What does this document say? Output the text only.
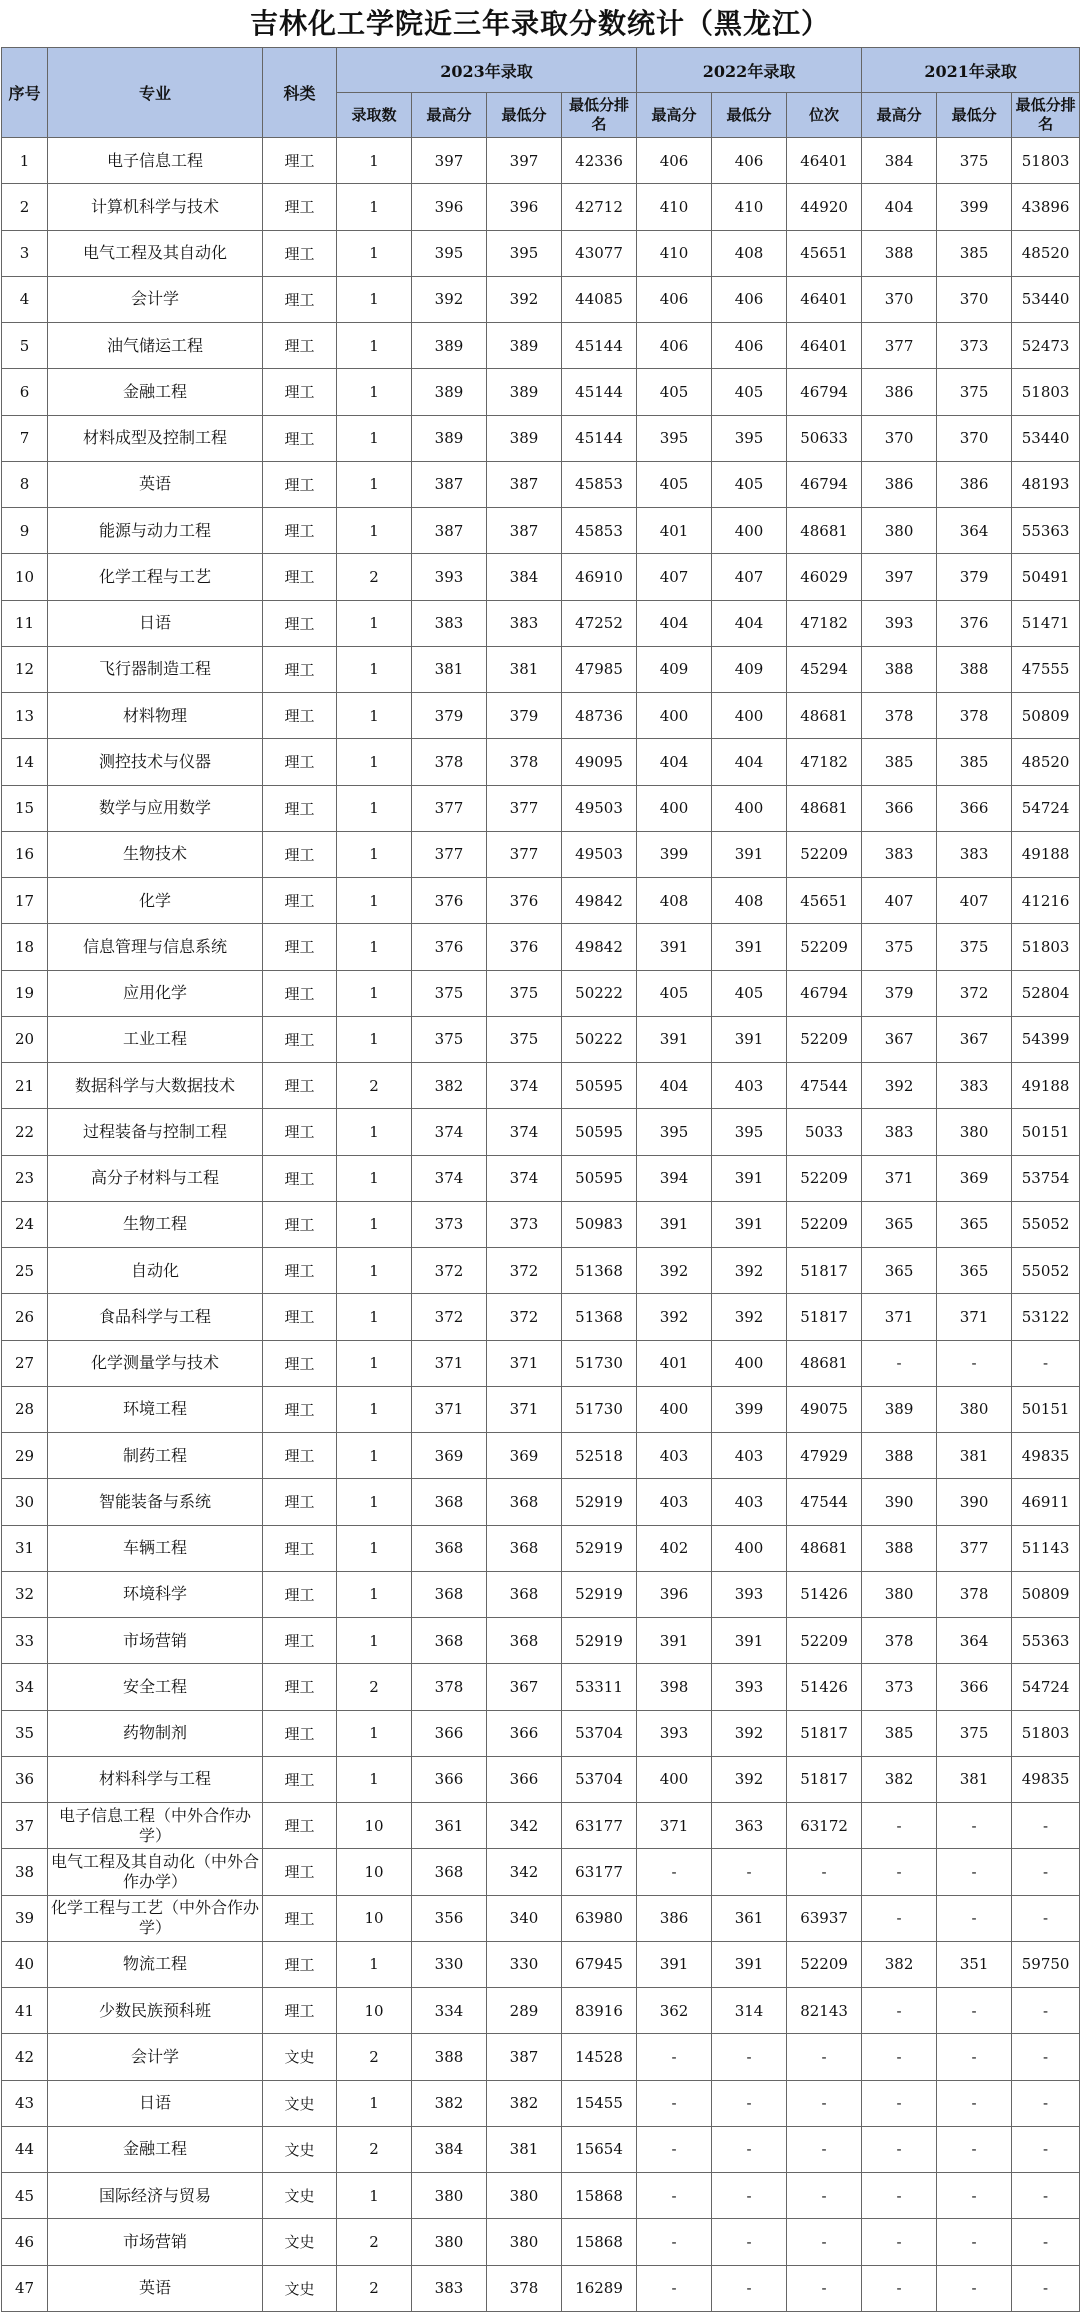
吉林化工学院近三年录取分数统计（黑龙江）
序号	专业	科类	2023年录取				2022年录取			2021年录取		
			录取数	最高分	最低分	最低分排名	最高分	最低分	位次	最高分	最低分	最低分排名
1	电子信息工程	理工	1	397	397	42336	406	406	46401	384	375	51803
2	计算机科学与技术	理工	1	396	396	42712	410	410	44920	404	399	43896
3	电气工程及其自动化	理工	1	395	395	43077	410	408	45651	388	385	48520
4	会计学	理工	1	392	392	44085	406	406	46401	370	370	53440
5	油气储运工程	理工	1	389	389	45144	406	406	46401	377	373	52473
6	金融工程	理工	1	389	389	45144	405	405	46794	386	375	51803
7	材料成型及控制工程	理工	1	389	389	45144	395	395	50633	370	370	53440
8	英语	理工	1	387	387	45853	405	405	46794	386	386	48193
9	能源与动力工程	理工	1	387	387	45853	401	400	48681	380	364	55363
10	化学工程与工艺	理工	2	393	384	46910	407	407	46029	397	379	50491
11	日语	理工	1	383	383	47252	404	404	47182	393	376	51471
12	飞行器制造工程	理工	1	381	381	47985	409	409	45294	388	388	47555
13	材料物理	理工	1	379	379	48736	400	400	48681	378	378	50809
14	测控技术与仪器	理工	1	378	378	49095	404	404	47182	385	385	48520
15	数学与应用数学	理工	1	377	377	49503	400	400	48681	366	366	54724
16	生物技术	理工	1	377	377	49503	399	391	52209	383	383	49188
17	化学	理工	1	376	376	49842	408	408	45651	407	407	41216
18	信息管理与信息系统	理工	1	376	376	49842	391	391	52209	375	375	51803
19	应用化学	理工	1	375	375	50222	405	405	46794	379	372	52804
20	工业工程	理工	1	375	375	50222	391	391	52209	367	367	54399
21	数据科学与大数据技术	理工	2	382	374	50595	404	403	47544	392	383	49188
22	过程装备与控制工程	理工	1	374	374	50595	395	395	5033	383	380	50151
23	高分子材料与工程	理工	1	374	374	50595	394	391	52209	371	369	53754
24	生物工程	理工	1	373	373	50983	391	391	52209	365	365	55052
25	自动化	理工	1	372	372	51368	392	392	51817	365	365	55052
26	食品科学与工程	理工	1	372	372	51368	392	392	51817	371	371	53122
27	化学测量学与技术	理工	1	371	371	51730	401	400	48681	-	-	-
28	环境工程	理工	1	371	371	51730	400	399	49075	389	380	50151
29	制药工程	理工	1	369	369	52518	403	403	47929	388	381	49835
30	智能装备与系统	理工	1	368	368	52919	403	403	47544	390	390	46911
31	车辆工程	理工	1	368	368	52919	402	400	48681	388	377	51143
32	环境科学	理工	1	368	368	52919	396	393	51426	380	378	50809
33	市场营销	理工	1	368	368	52919	391	391	52209	378	364	55363
34	安全工程	理工	2	378	367	53311	398	393	51426	373	366	54724
35	药物制剂	理工	1	366	366	53704	393	392	51817	385	375	51803
36	材料科学与工程	理工	1	366	366	53704	400	392	51817	382	381	49835
37	电子信息工程（中外合作办学）	理工	10	361	342	63177	371	363	63172	-	-	-
38	电气工程及其自动化（中外合作办学）	理工	10	368	342	63177	-	-	-	-	-	-
39	化学工程与工艺（中外合作办学）	理工	10	356	340	63980	386	361	63937	-	-	-
40	物流工程	理工	1	330	330	67945	391	391	52209	382	351	59750
41	少数民族预科班	理工	10	334	289	83916	362	314	82143	-	-	-
42	会计学	文史	2	388	387	14528	-	-	-	-	-	-
43	日语	文史	1	382	382	15455	-	-	-	-	-	-
44	金融工程	文史	2	384	381	15654	-	-	-	-	-	-
45	国际经济与贸易	文史	1	380	380	15868	-	-	-	-	-	-
46	市场营销	文史	2	380	380	15868	-	-	-	-	-	-
47	英语	文史	2	383	378	16289	-	-	-	-	-	-
